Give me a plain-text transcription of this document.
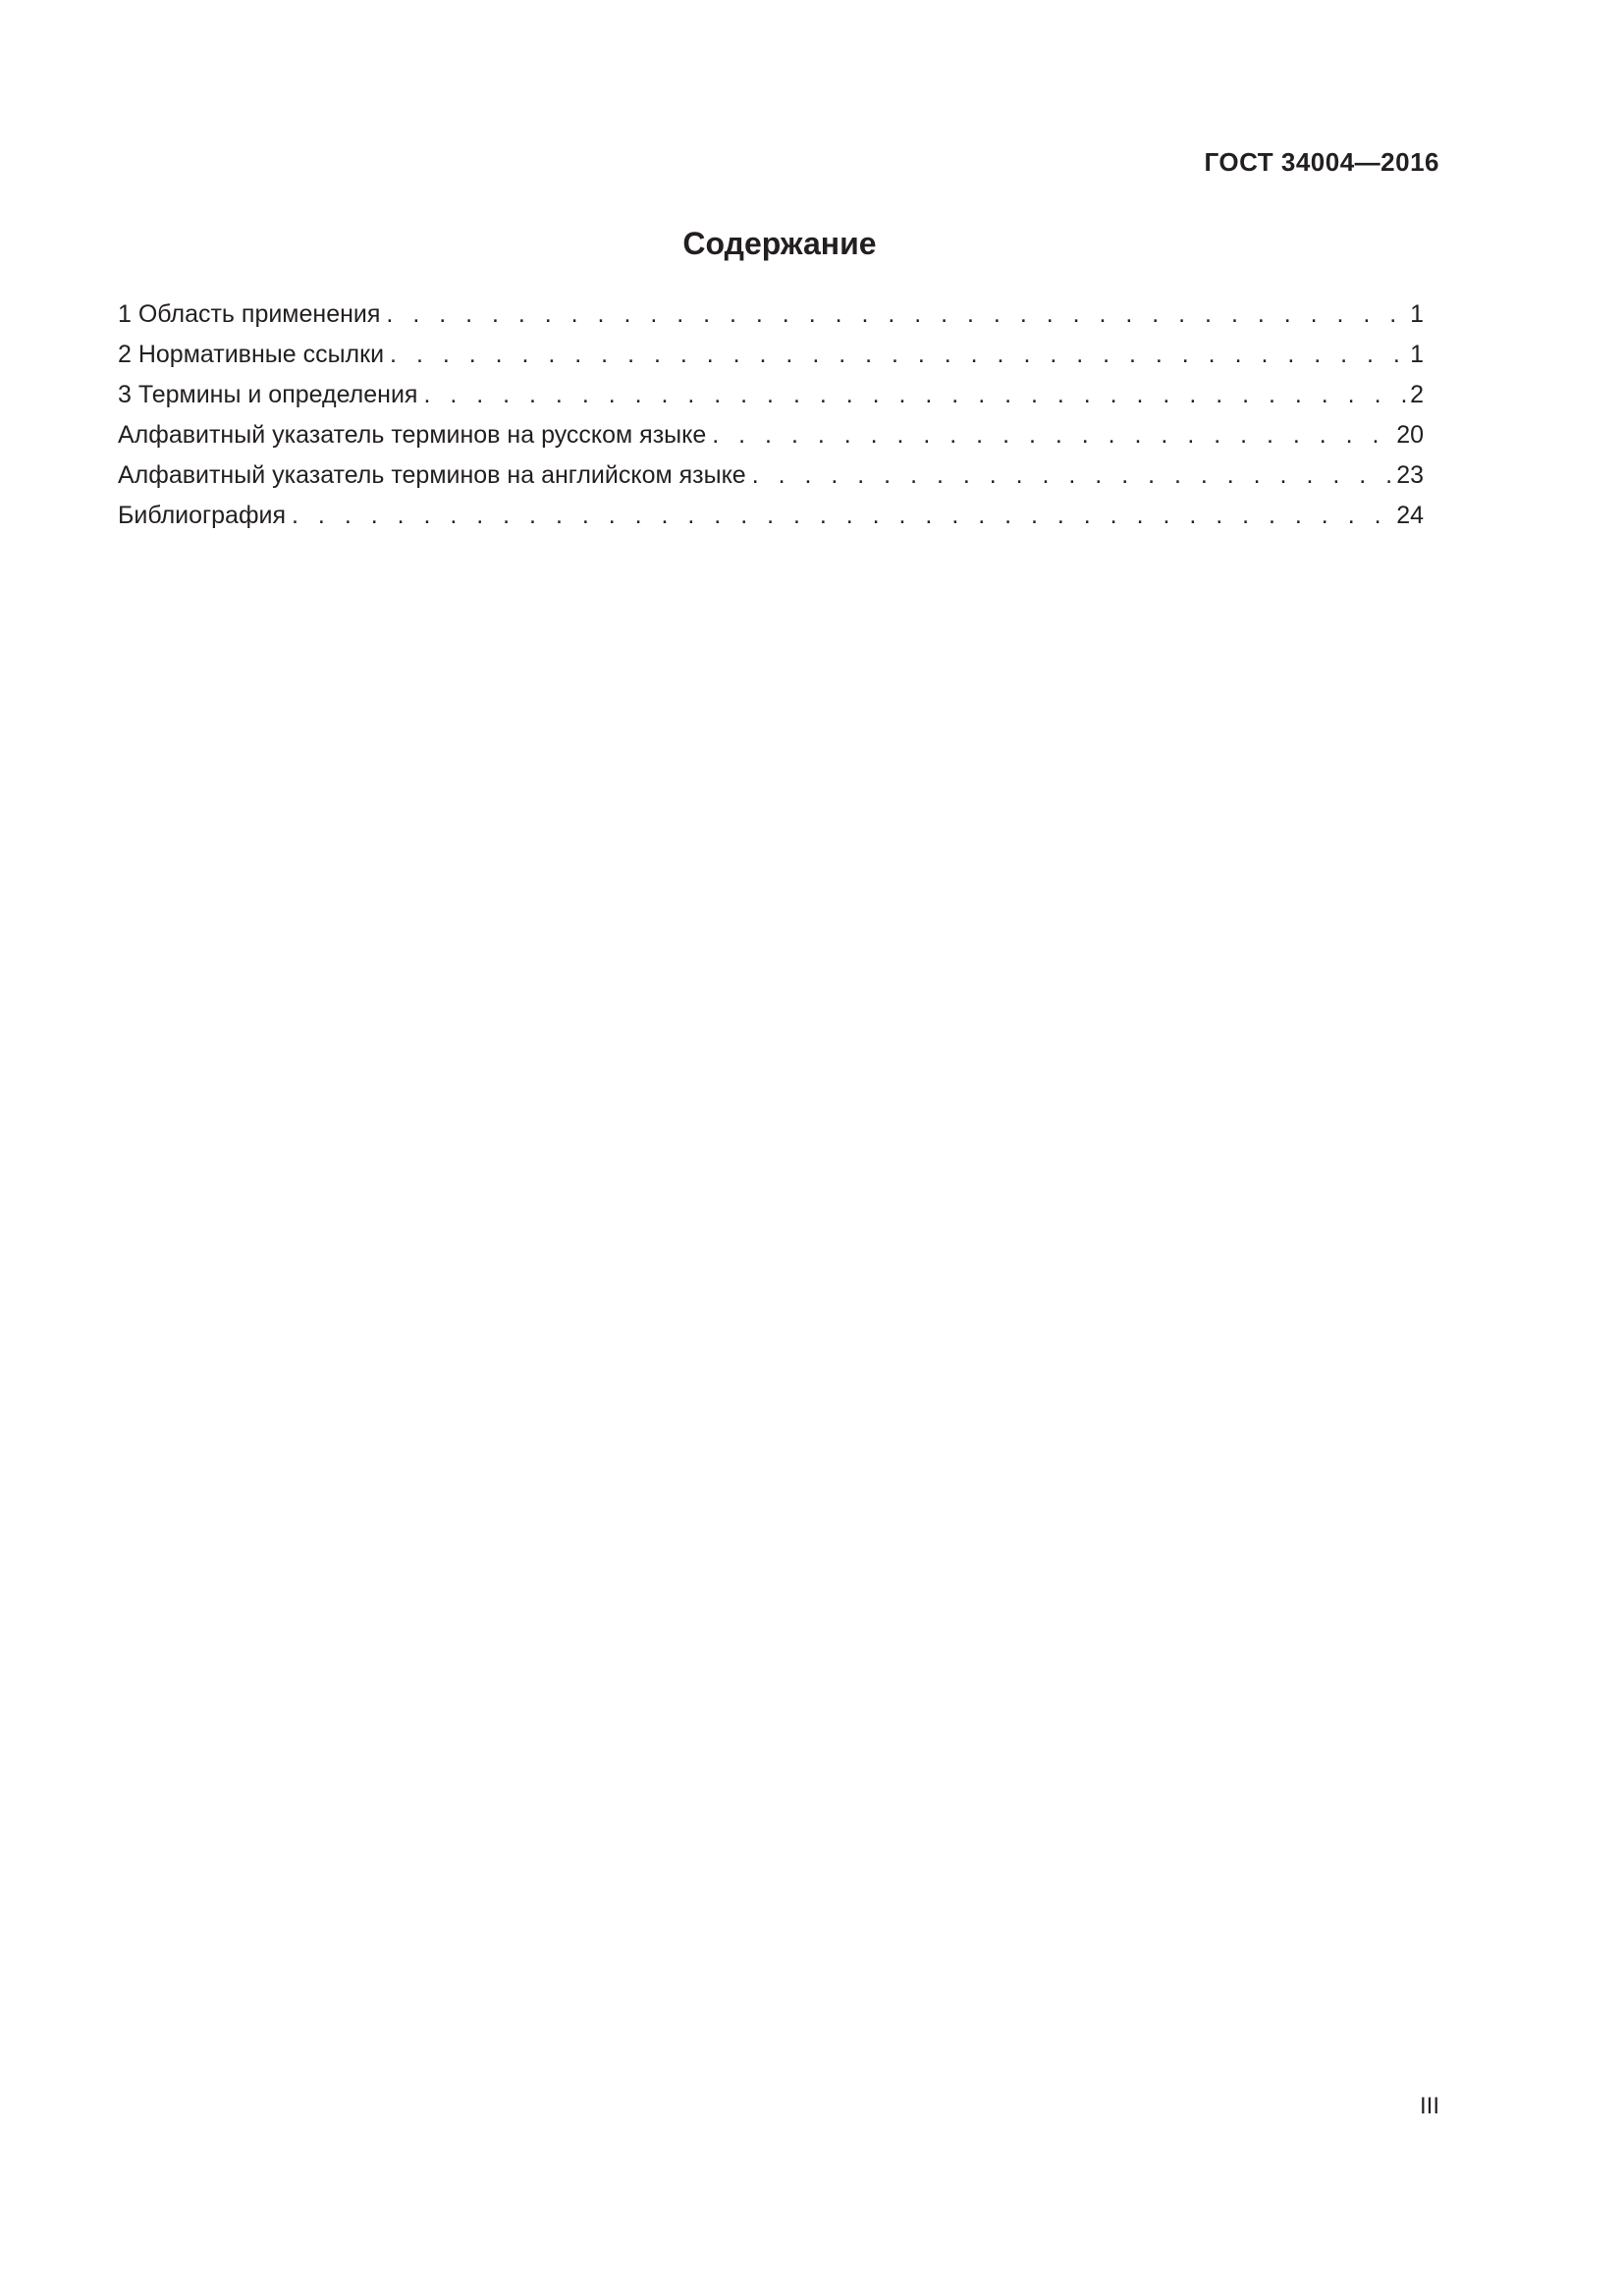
ГОСТ 34004—2016
Содержание
1 Область применения . . .	1
2 Нормативные ссылки . . .	1
3 Термины и определения . . .	2
Алфавитный указатель терминов на русском языке . . .	20
Алфавитный указатель терминов на английском языке . . .	23
Библиография . . .	24
III
